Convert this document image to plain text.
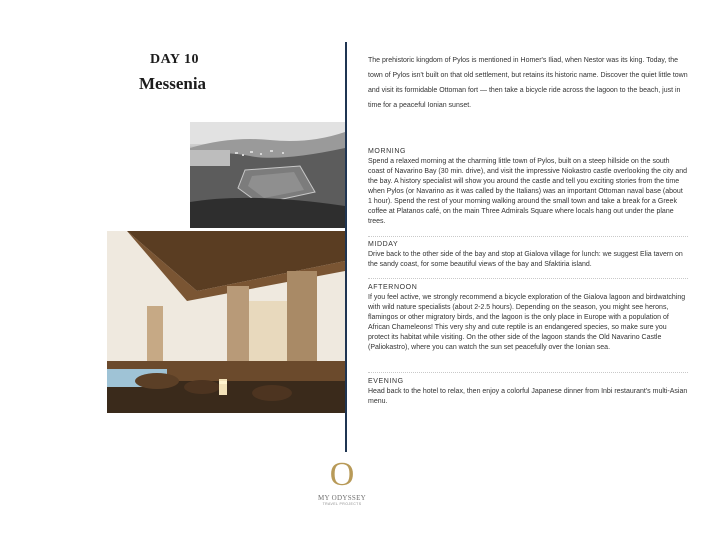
DAY 10
Messenia
The prehistoric kingdom of Pylos is mentioned in Homer's Iliad, when Nestor was its king. Today, the town of Pylos isn't built on that old settlement, but retains its historic name. Discover the quiet little town and visit its formidable Ottoman fort — then take a bicycle ride across the lagoon to the beach, just in time for a peaceful Ionian sunset.
MORNING
Spend a relaxed morning at the charming little town of Pylos, built on a steep hillside on the south coast of Navarino Bay (30 min. drive), and visit the impressive Niokastro castle overlooking the city and the bay. A history specialist will show you around the castle and tell you exciting stories from the time when Pylos (or Navarino as it was called by the Italians) was an important Ottoman naval base (about 1 hour). Spend the rest of your morning walking around the small town and take a break for a Greek coffee at Platanos café, on the main Three Admirals Square where locals hang out under the plane trees.
MIDDAY
Drive back to the other side of the bay and stop at Gialova village for lunch: we suggest Elia tavern on the sandy coast, for some beautiful views of the bay and Sfaktiria island.
AFTERNOON
If you feel active, we strongly recommend a bicycle exploration of the Gialova lagoon and birdwatching with wild nature specialists (about 2-2.5 hours). Depending on the season, you might see herons, flamingos or other migratory birds, and the lagoon is the only place in Europe with a population of African Chameleons! This very shy and cute reptile is an endangered species, so make sure you protect its habitat while visiting. On the other side of the lagoon stands the Old Navarino Castle (Paliokastro), where you can watch the sun set peacefully over the Ionian sea.
EVENING
Head back to the hotel to relax, then enjoy a colorful Japanese dinner from Inbi restaurant's multi-Asian menu.
O
MY ODYSSEY
TRAVEL PROJECTS
